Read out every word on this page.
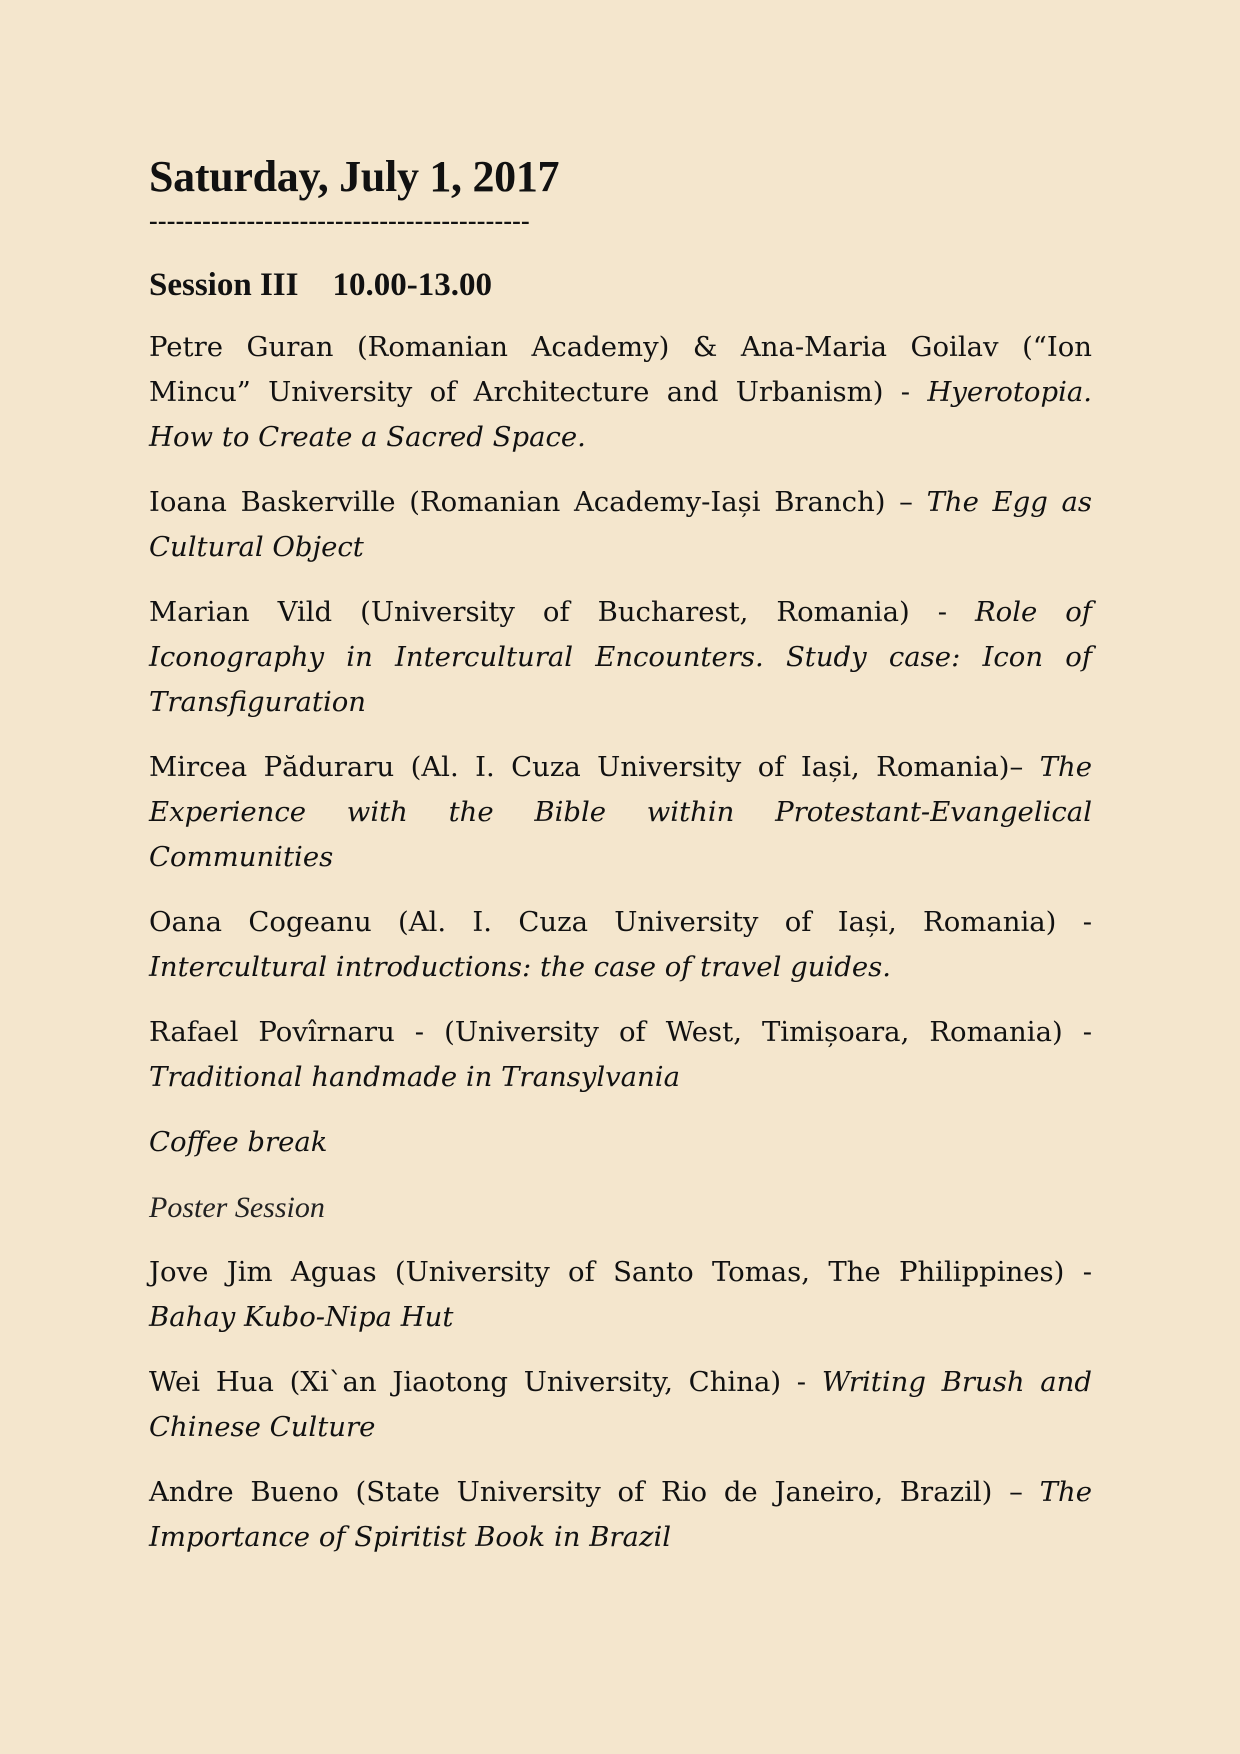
Saturday, July 1, 2017
-------------------------------------------
Session III 10.00-13.00

Petre Guran (Romanian Academy) & Ana-Maria Goilav (“Ion Mincu” University of Architecture and Urbanism) - Hyerotopia. How to Create a Sacred Space.

Ioana Baskerville (Romanian Academy-Iași Branch) – The Egg as Cultural Object

Marian Vild (University of Bucharest, Romania) - Role of Iconography in Intercultural Encounters. Study case: Icon of Transfiguration

Mircea Păduraru (Al. I. Cuza University of Iași, Romania)– The Experience with the Bible within Protestant-Evangelical Communities

Oana Cogeanu (Al. I. Cuza University of Iași, Romania) - Intercultural introductions: the case of travel guides.

Rafael Povîrnaru - (University of West, Timișoara, Romania) - Traditional handmade in Transylvania

Coffee break

Poster Session

Jove Jim Aguas (University of Santo Tomas, The Philippines) - Bahay Kubo-Nipa Hut

Wei Hua (Xi`an Jiaotong University, China) - Writing Brush and Chinese Culture

Andre Bueno (State University of Rio de Janeiro, Brazil) – The Importance of Spiritist Book in Brazil
